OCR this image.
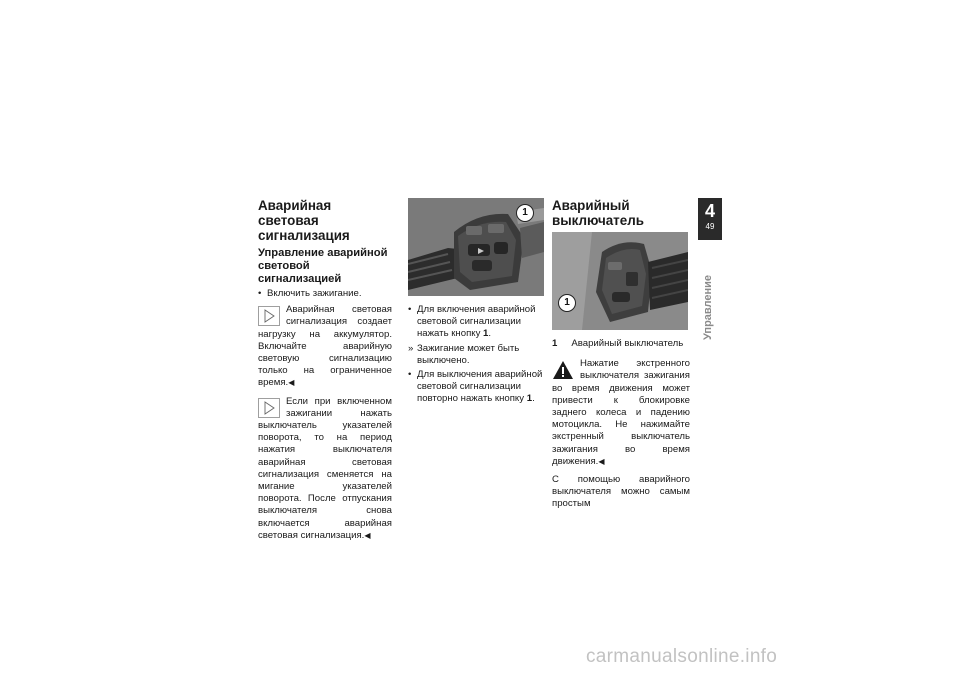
Аварийная световая сигнализация
Управление аварийной световой сигнализацией
• Включить зажигание.
Аварийная световая сигнализация создает нагрузку на аккумулятор. Включайте аварийную световую сигнализацию только на ограниченное время.◀
Если при включенном зажигании нажать выключатель указателей поворота, то на период нажатия выключателя аварийная световая сигнализация сменяется на мигание указателей поворота. После отпускания выключателя снова включается аварийная световая сигнализация.◀
1
• Для включения аварийной световой сигнализации нажать кнопку 1.
» Зажигание может быть выключено.
• Для выключения аварийной световой сигнализации повторно нажать кнопку 1.
Аварийный выключатель
1
1 Аварийный выключатель
Нажатие экстренного выключателя зажигания во время движения может привести к блокировке заднего колеса и падению мотоцикла. Не нажимайте экстренный выключатель зажигания во время движения.◀

С помощью аварийного выключателя можно самым простым

4
49
Управление
carmanualsonline.info
